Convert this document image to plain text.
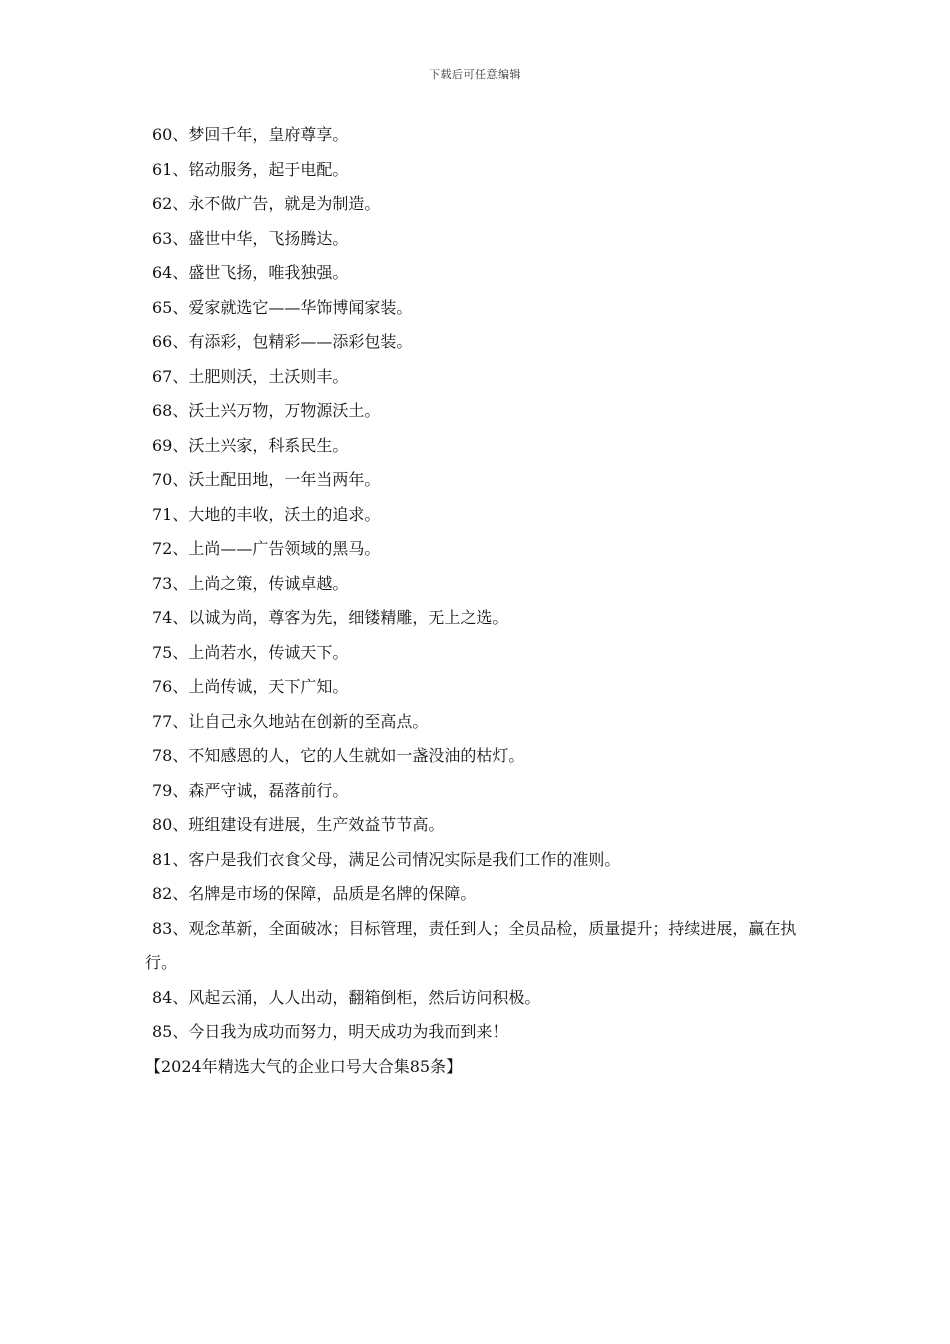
下载后可任意编辑
60、梦回千年，皇府尊享。
61、铭动服务，起于电配。
62、永不做广告，就是为制造。
63、盛世中华，飞扬腾达。
64、盛世飞扬，唯我独强。
65、爱家就选它——华饰博闻家装。
66、有添彩，包精彩——添彩包装。
67、土肥则沃，土沃则丰。
68、沃土兴万物，万物源沃土。
69、沃土兴家，科系民生。
70、沃土配田地，一年当两年。
71、大地的丰收，沃土的追求。
72、上尚——广告领域的黑马。
73、上尚之策，传诚卓越。
74、以诚为尚，尊客为先，细镂精雕，无上之选。
75、上尚若水，传诚天下。
76、上尚传诚，天下广知。
77、让自己永久地站在创新的至高点。
78、不知感恩的人，它的人生就如一盏没油的枯灯。
79、森严守诚，磊落前行。
80、班组建设有进展，生产效益节节高。
81、客户是我们衣食父母，满足公司情况实际是我们工作的准则。
82、名牌是市场的保障，品质是名牌的保障。
83、观念革新，全面破冰；目标管理，责任到人；全员品检，质量提升；持续进展，赢在执行。
84、风起云涌，人人出动，翻箱倒柜，然后访问积极。
85、今日我为成功而努力，明天成功为我而到来！
【2024年精选大气的企业口号大合集85条】
